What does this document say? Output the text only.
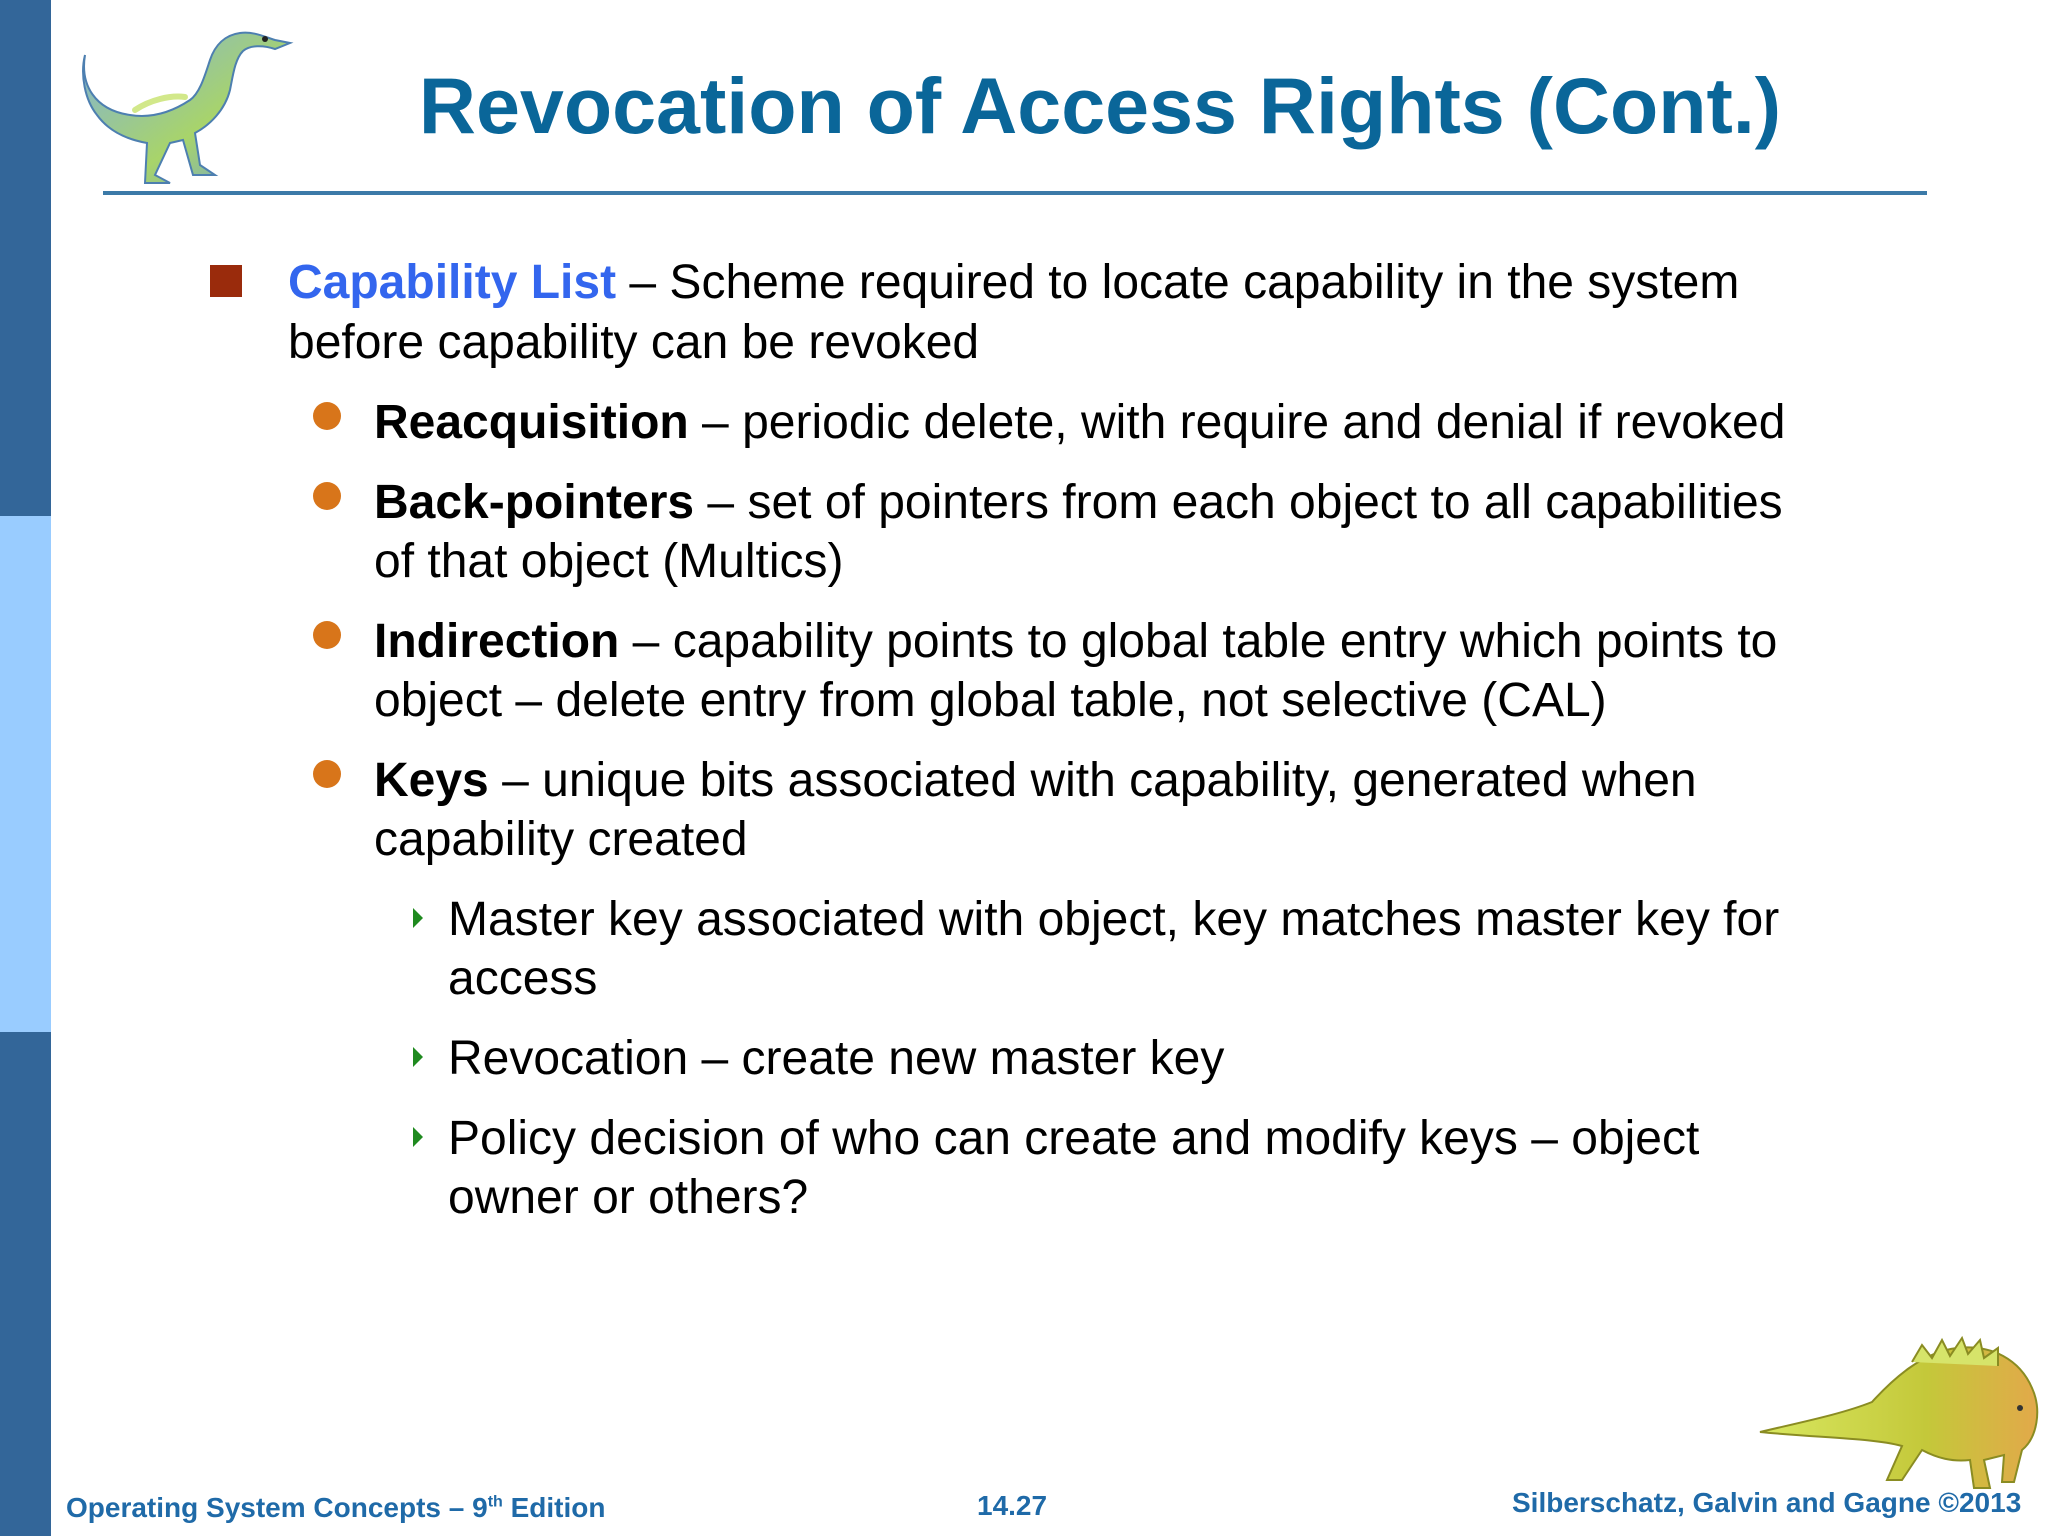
Revocation of Access Rights (Cont.)
Capability List – Scheme required to locate capability in the system
before capability can be revoked
Reacquisition – periodic delete, with require and denial if revoked
Back-pointers – set of pointers from each object to all capabilities
of that object (Multics)
Indirection – capability points to global table entry which points to
object – delete entry from global table, not selective (CAL)
Keys – unique bits associated with capability, generated when
capability created
Master key associated with object, key matches master key for
access
Revocation – create new master key
Policy decision of who can create and modify keys – object
owner or others?
Operating System Concepts – 9th Edition	14.27	Silberschatz, Galvin and Gagne ©2013
